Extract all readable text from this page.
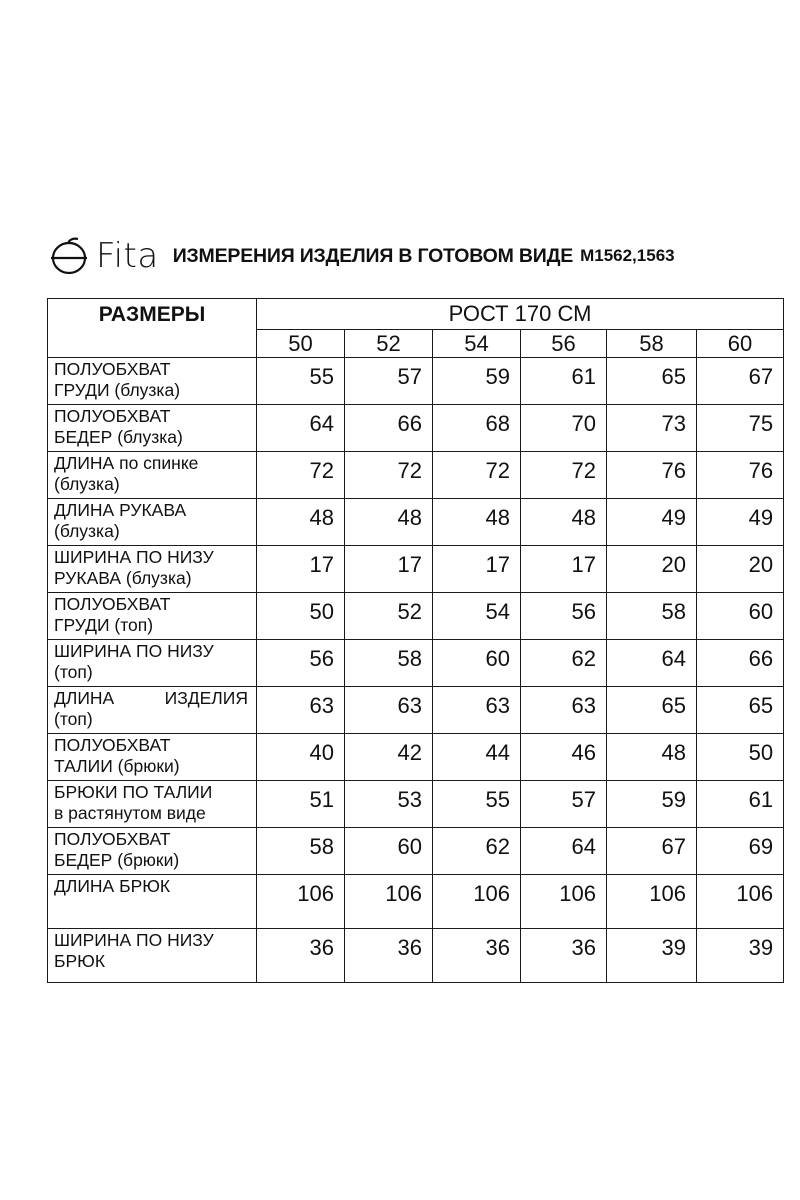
Fita ИЗМЕРЕНИЯ ИЗДЕЛИЯ В ГОТОВОМ ВИДЕ М1562,1563
РАЗМЕРЫ	РОСТ 170 СМ					
	50	52	54	56	58	60

ПОЛУОБХВАТ
ГРУДИ (блузка)	55	57	59	61	65	67

ПОЛУОБХВАТ
БЕДЕР (блузка)	64	66	68	70	73	75

ДЛИНА по спинке
(блузка)	72	72	72	72	76	76

ДЛИНА РУКАВА
(блузка)	48	48	48	48	49	49

ШИРИНА ПО НИЗУ
РУКАВА (блузка)	17	17	17	17	20	20

ПОЛУОБХВАТ
ГРУДИ (топ)	50	52	54	56	58	60

ШИРИНА ПО НИЗУ
(топ)	56	58	60	62	64	66

ДЛИНА ИЗДЕЛИЯ
(топ)	63	63	63	63	65	65

ПОЛУОБХВАТ
ТАЛИИ (брюки)	40	42	44	46	48	50

БРЮКИ ПО ТАЛИИ
в растянутом виде	51	53	55	57	59	61

ПОЛУОБХВАТ
БЕДЕР (брюки)	58	60	62	64	67	69

ДЛИНА БРЮК	106	106	106	106	106	106

ШИРИНА ПО НИЗУ
БРЮК	36	36	36	36	39	39
